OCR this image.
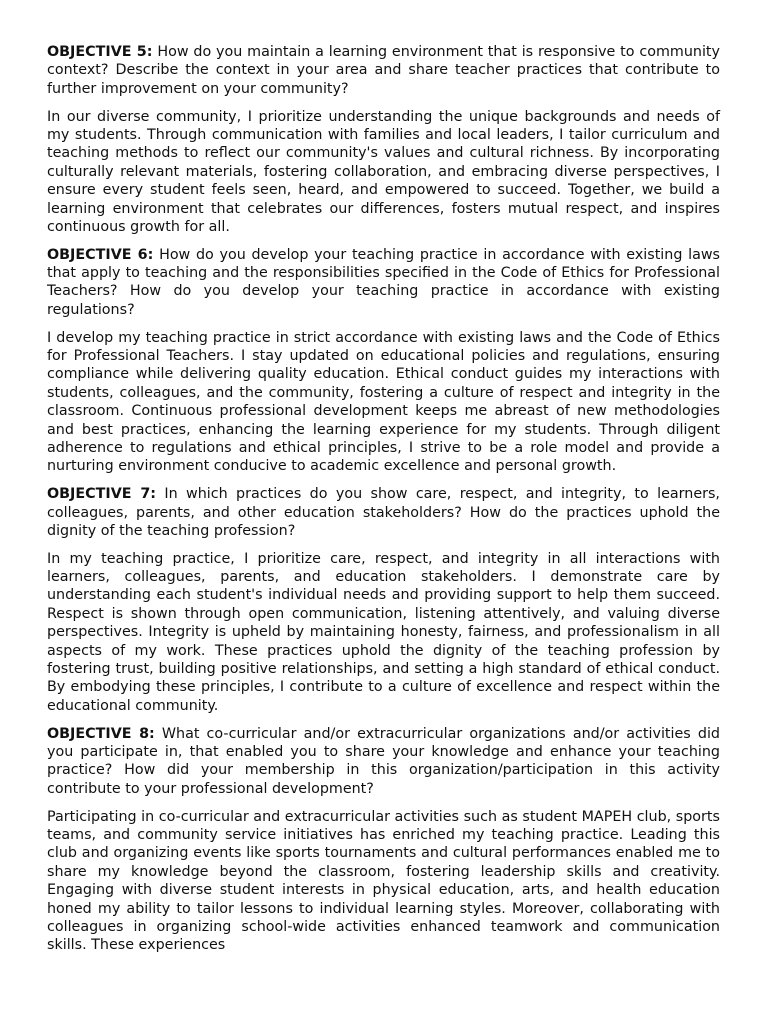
OBJECTIVE 5: How do you maintain a learning environment that is responsive to community context? Describe the context in your area and share teacher practices that contribute to further improvement on your community?

In our diverse community, I prioritize understanding the unique backgrounds and needs of my students. Through communication with families and local leaders, I tailor curriculum and teaching methods to reflect our community's values and cultural richness. By incorporating culturally relevant materials, fostering collaboration, and embracing diverse perspectives, I ensure every student feels seen, heard, and empowered to succeed. Together, we build a learning environment that celebrates our differences, fosters mutual respect, and inspires continuous growth for all.

OBJECTIVE 6: How do you develop your teaching practice in accordance with existing laws that apply to teaching and the responsibilities specified in the Code of Ethics for Professional Teachers? How do you develop your teaching practice in accordance with existing regulations?

I develop my teaching practice in strict accordance with existing laws and the Code of Ethics for Professional Teachers. I stay updated on educational policies and regulations, ensuring compliance while delivering quality education. Ethical conduct guides my interactions with students, colleagues, and the community, fostering a culture of respect and integrity in the classroom. Continuous professional development keeps me abreast of new methodologies and best practices, enhancing the learning experience for my students. Through diligent adherence to regulations and ethical principles, I strive to be a role model and provide a nurturing environment conducive to academic excellence and personal growth.

OBJECTIVE 7: In which practices do you show care, respect, and integrity, to learners, colleagues, parents, and other education stakeholders? How do the practices uphold the dignity of the teaching profession?

In my teaching practice, I prioritize care, respect, and integrity in all interactions with learners, colleagues, parents, and education stakeholders. I demonstrate care by understanding each student's individual needs and providing support to help them succeed. Respect is shown through open communication, listening attentively, and valuing diverse perspectives. Integrity is upheld by maintaining honesty, fairness, and professionalism in all aspects of my work. These practices uphold the dignity of the teaching profession by fostering trust, building positive relationships, and setting a high standard of ethical conduct. By embodying these principles, I contribute to a culture of excellence and respect within the educational community.

OBJECTIVE 8: What co-curricular and/or extracurricular organizations and/or activities did you participate in, that enabled you to share your knowledge and enhance your teaching practice? How did your membership in this organization/participation in this activity contribute to your professional development?

Participating in co-curricular and extracurricular activities such as student MAPEH club, sports teams, and community service initiatives has enriched my teaching practice. Leading this club and organizing events like sports tournaments and cultural performances enabled me to share my knowledge beyond the classroom, fostering leadership skills and creativity. Engaging with diverse student interests in physical education, arts, and health education honed my ability to tailor lessons to individual learning styles. Moreover, collaborating with colleagues in organizing school-wide activities enhanced teamwork and communication skills. These experiences
